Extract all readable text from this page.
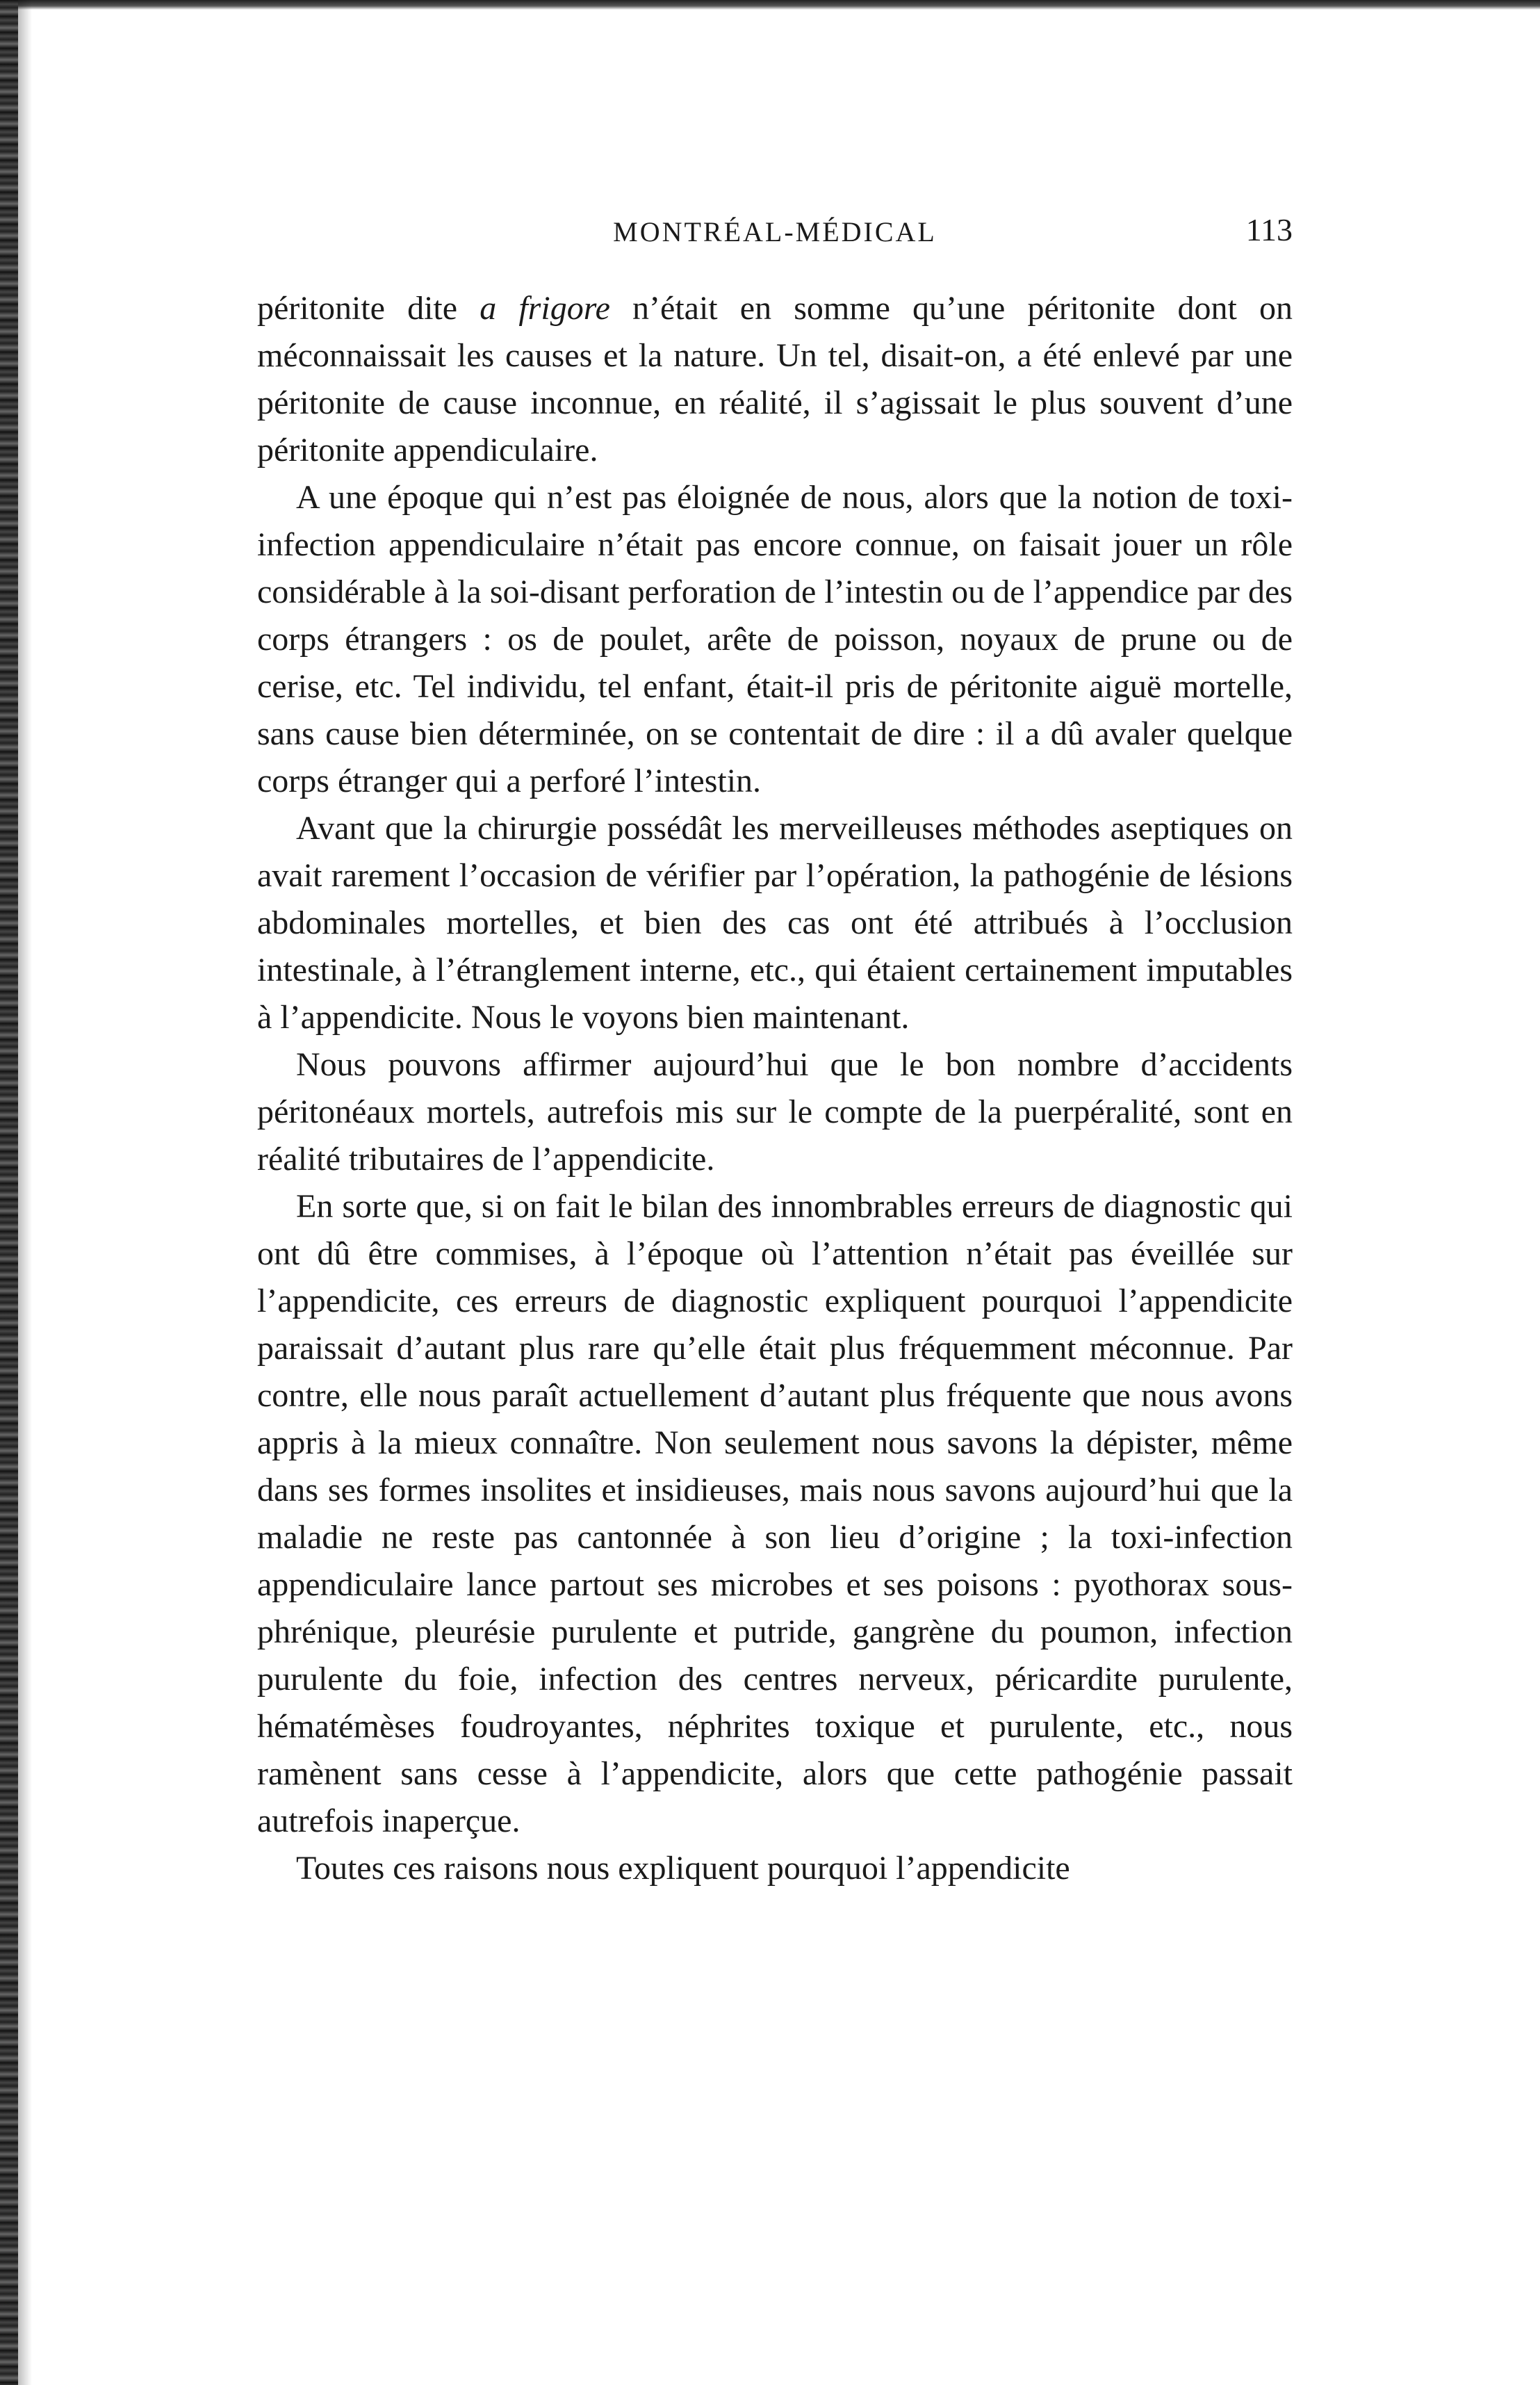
MONTRÉAL-MÉDICAL	113

péritonite dite a frigore n’était en somme qu’une péritonite dont on méconnaissait les causes et la nature. Un tel, disait-on, a été enlevé par une péritonite de cause inconnue, en réalité, il s’agissait le plus souvent d’une péritonite appendiculaire.

A une époque qui n’est pas éloignée de nous, alors que la notion de toxi-infection appendiculaire n’était pas encore connue, on faisait jouer un rôle considérable à la soi-disant perforation de l’intestin ou de l’appendice par des corps étrangers : os de poulet, arête de poisson, noyaux de prune ou de cerise, etc. Tel individu, tel enfant, était-il pris de péritonite aiguë mortelle, sans cause bien déterminée, on se contentait de dire : il a dû avaler quelque corps étranger qui a perforé l’intestin.

Avant que la chirurgie possédât les merveilleuses méthodes aseptiques on avait rarement l’occasion de vérifier par l’opération, la pathogénie de lésions abdominales mortelles, et bien des cas ont été attribués à l’occlusion intestinale, à l’étranglement interne, etc., qui étaient certainement imputables à l’appendicite. Nous le voyons bien maintenant.

Nous pouvons affirmer aujourd’hui que le bon nombre d’accidents péritonéaux mortels, autrefois mis sur le compte de la puerpéralité, sont en réalité tributaires de l’appendicite.

En sorte que, si on fait le bilan des innombrables erreurs de diagnostic qui ont dû être commises, à l’époque où l’attention n’était pas éveillée sur l’appendicite, ces erreurs de diagnostic expliquent pourquoi l’appendicite paraissait d’autant plus rare qu’elle était plus fréquemment méconnue. Par contre, elle nous paraît actuellement d’autant plus fréquente que nous avons appris à la mieux connaître. Non seulement nous savons la dépister, même dans ses formes insolites et insidieuses, mais nous savons aujourd’hui que la maladie ne reste pas cantonnée à son lieu d’origine ; la toxi-infection appendiculaire lance partout ses microbes et ses poisons : pyothorax sous-phrénique, pleurésie purulente et putride, gangrène du poumon, infection purulente du foie, infection des centres nerveux, péricardite purulente, hématémèses foudroyantes, néphrites toxique et purulente, etc., nous ramènent sans cesse à l’appendicite, alors que cette pathogénie passait autrefois inaperçue.

Toutes ces raisons nous expliquent pourquoi l’appendicite
